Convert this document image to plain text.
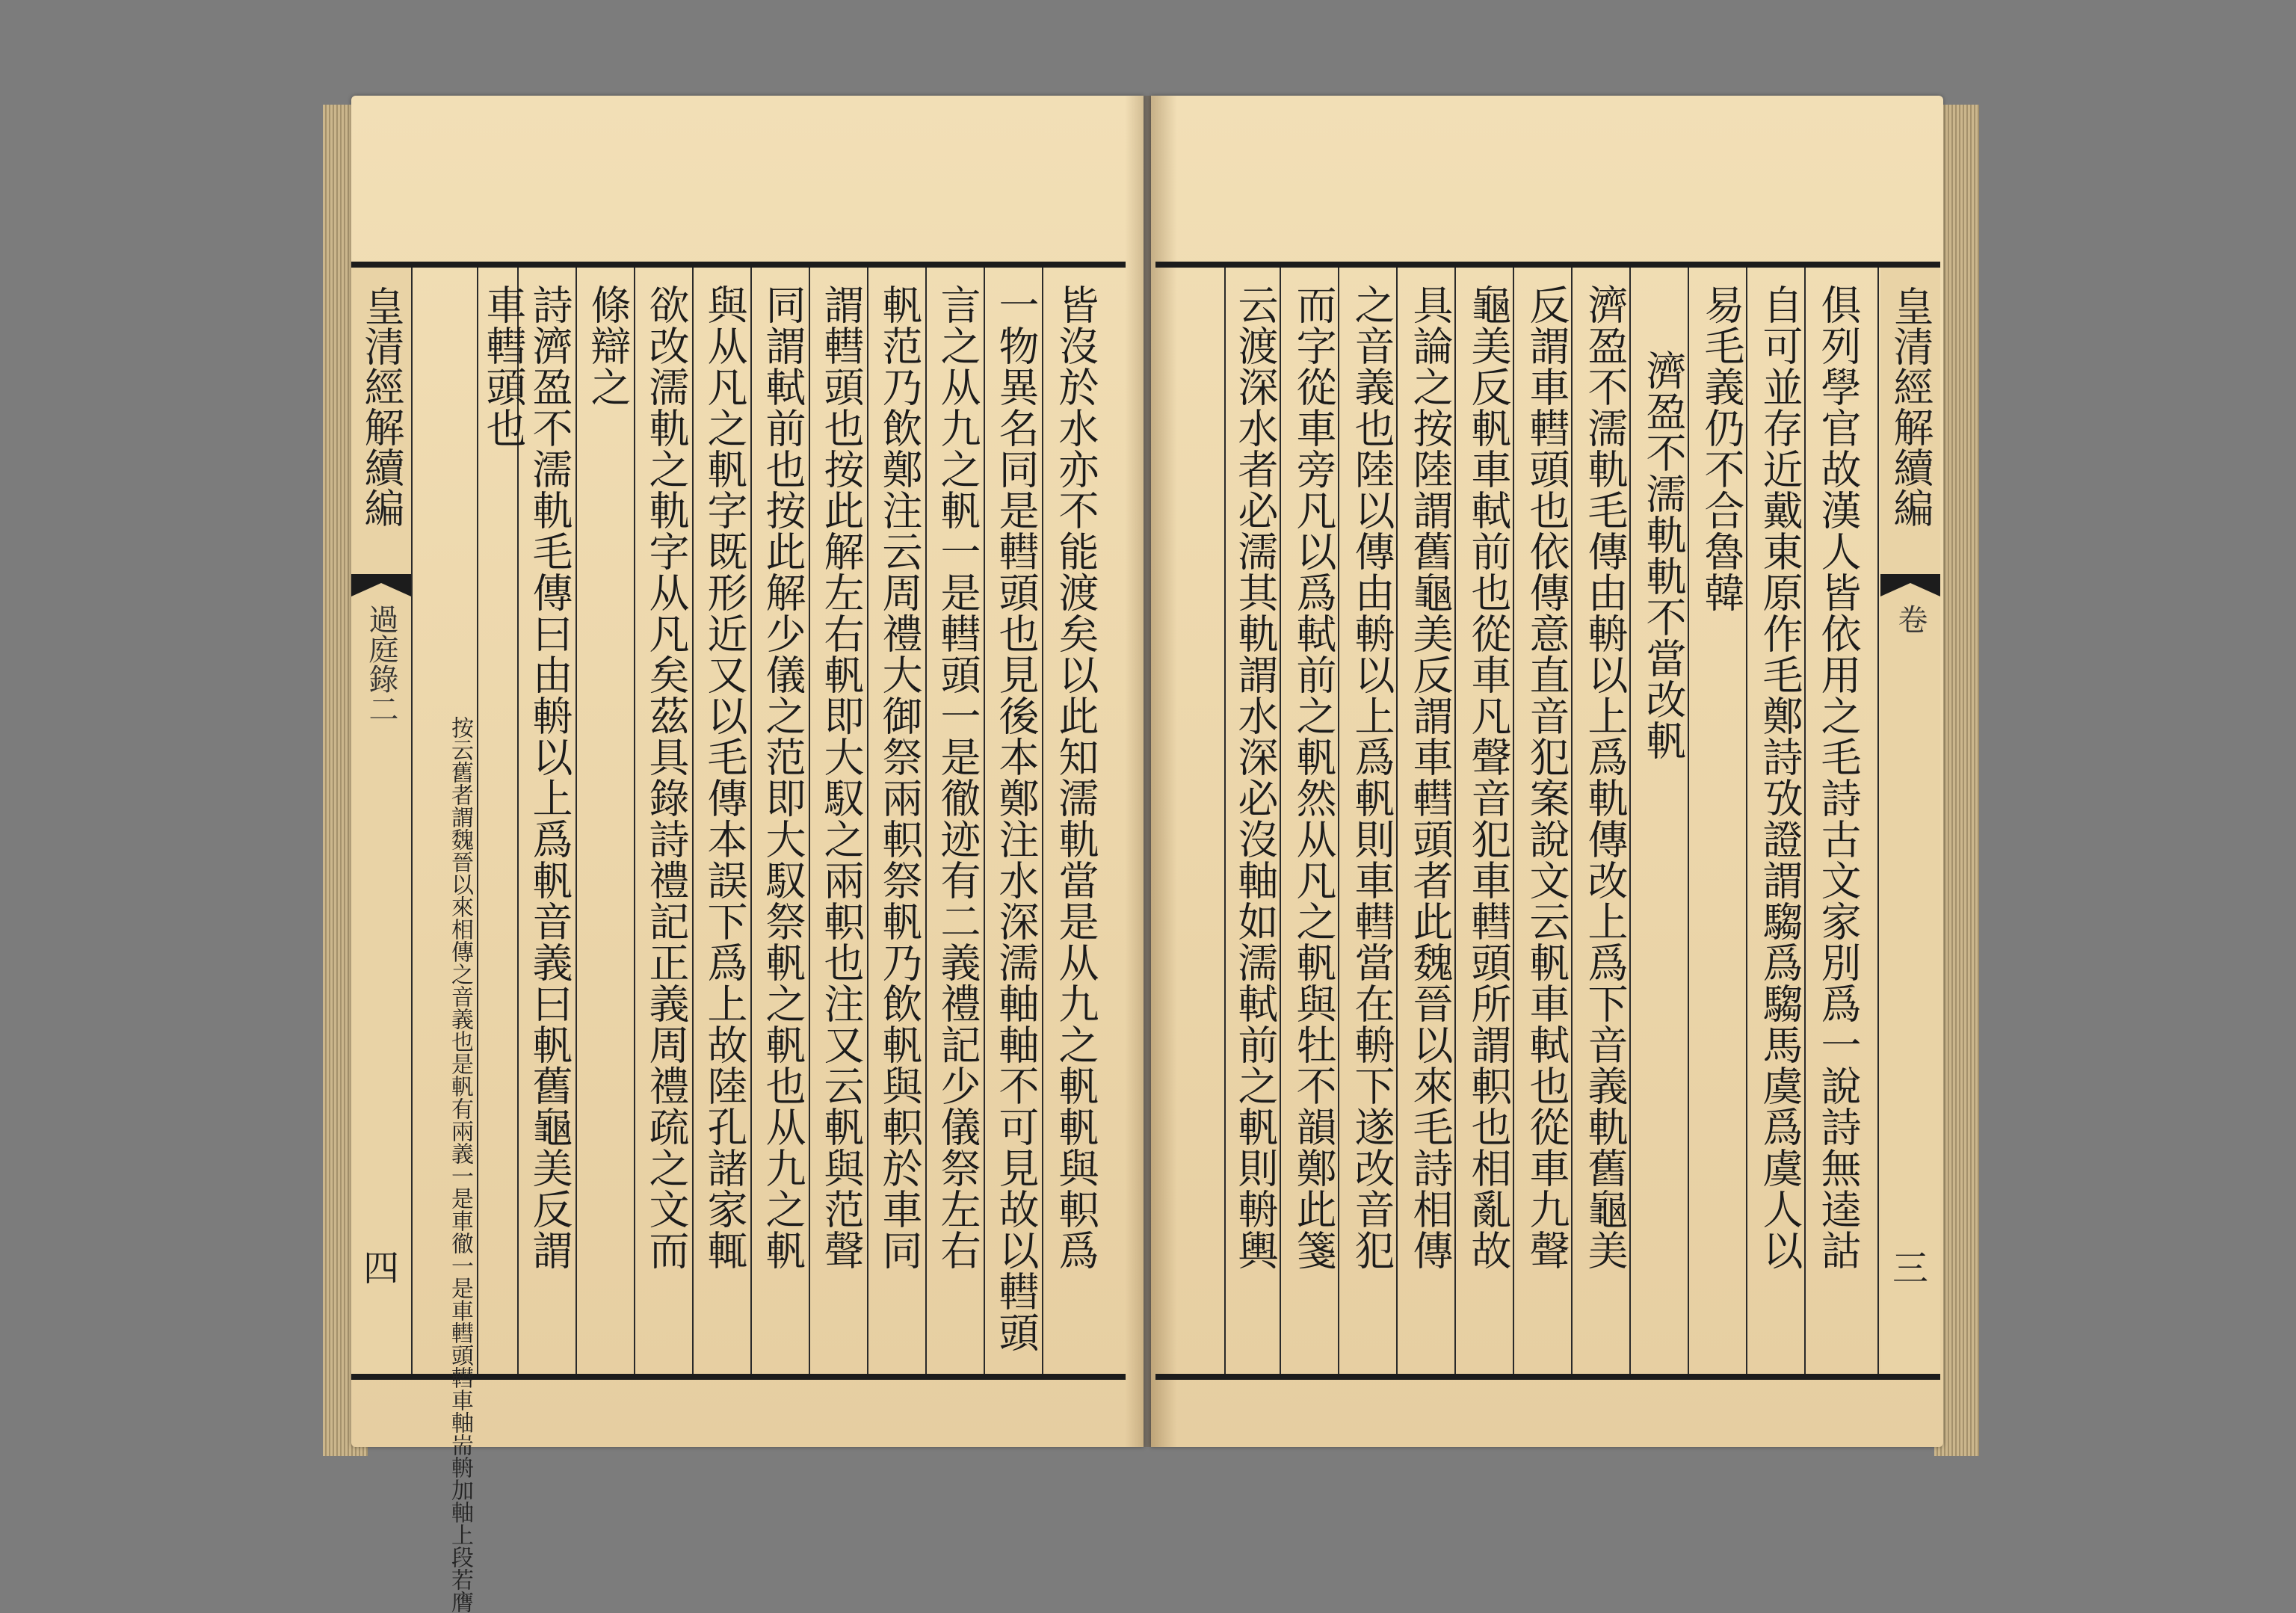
皇清經解續編
過庭錄二
四	按云舊者謂魏晉以來相傳之音義也是軓有兩義一是車徹一是車轊頭轊車軸耑輈加軸上段若膺	皆沒於水亦不能渡矣以此知濡軌當是从九之軓軓與軹爲
一物異名同是轊頭也見後本鄭注水深濡軸軸不可見故以轊頭
言之从九之軓一是轊頭一是徹迹有二義禮記少儀祭左右
軓范乃飲鄭注云周禮大御祭兩軹祭軓乃飲軓與軹於車同
謂轊頭也按此解左右軓即大馭之兩軹也注又云軓與范聲
同謂軾前也按此解少儀之范即大馭祭軓之軓也从九之軓
與从凡之軓字既形近又以毛傳本誤下爲上故陸孔諸家輒
欲改濡軌之軌字从凡矣茲具錄詩禮記正義周禮疏之文而
條辯之
詩濟盈不濡軌毛傳曰由輈以上爲軓音義曰軓舊龜美反謂
車轊頭也	俱列學官故漢人皆依用之毛詩古文家別爲一說詩無逵詁
自可並存近戴東原作毛鄭詩攷證謂騶爲騶馬虞爲虞人以
易毛義仍不合魯韓
濟盈不濡軌軌不當改軓
濟盈不濡軌毛傳由輈以上爲軌傳改上爲下音義軌舊龜美
反謂車轊頭也依傳意直音犯案說文云軓車軾也從車九聲
龜美反軓車軾前也從車凡聲音犯車轊頭所謂軹也相亂故
具論之按陸謂舊龜美反謂車轊頭者此魏晉以來毛詩相傳
之音義也陸以傳由輈以上爲軓則車轊當在輈下遂改音犯
而字從車旁凡以爲軾前之軓然从凡之軓與牡不韻鄭此箋
云渡深水者必濡其軌謂水深必沒軸如濡軾前之軓則輈輿	皇清經解續編
卷
三
